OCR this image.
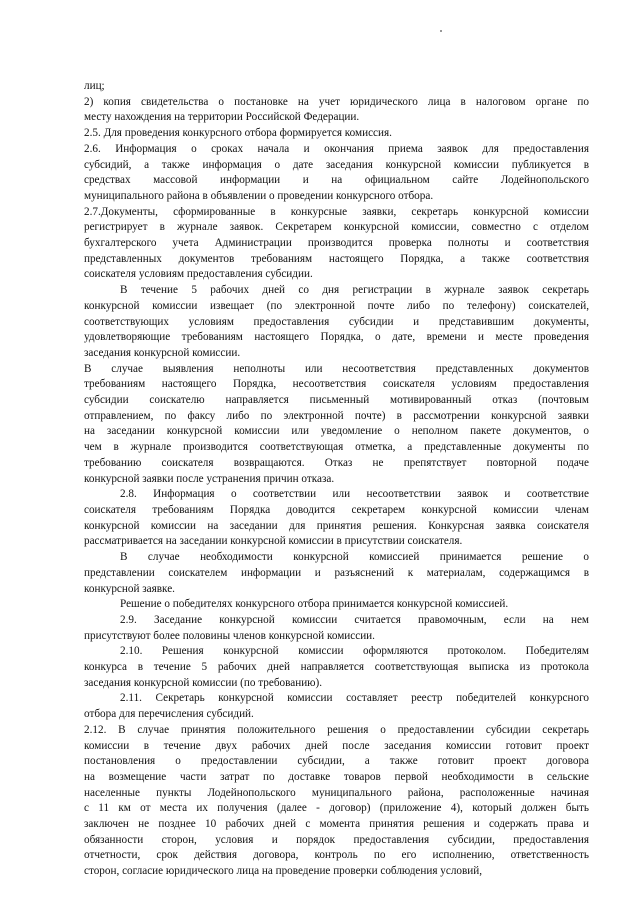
лиц;
2) копия свидетельства о постановке на учет юридического лица в налоговом органе по
месту нахождения на территории Российской Федерации.
2.5. Для проведения конкурсного отбора формируется комиссия.
2.6. Информация о сроках начала и окончания приема заявок для предоставления
субсидий, а также информация о дате заседания конкурсной комиссии публикуется в
средствах массовой информации и на официальном сайте Лодейнопольского
муниципального района в объявлении о проведении конкурсного отбора.
2.7.Документы, сформированные в конкурсные заявки, секретарь конкурсной комиссии
регистрирует в журнале заявок. Секретарем конкурсной комиссии, совместно с отделом
бухгалтерского учета Администрации производится проверка полноты и соответствия
представленных документов требованиям настоящего Порядка, а также соответствия
соискателя условиям предоставления субсидии.
В течение 5 рабочих дней со дня регистрации в журнале заявок секретарь
конкурсной комиссии извещает (по электронной почте либо по телефону) соискателей,
соответствующих условиям предоставления субсидии и представившим документы,
удовлетворяющие требованиям настоящего Порядка, о дате, времени и месте проведения
заседания конкурсной комиссии.
В случае выявления неполноты или несоответствия представленных документов
требованиям настоящего Порядка, несоответствия соискателя условиям предоставления
субсидии соискателю направляется письменный мотивированный отказ (почтовым
отправлением, по факсу либо по электронной почте) в рассмотрении конкурсной заявки
на заседании конкурсной комиссии или уведомление о неполном пакете документов, о
чем в журнале производится соответствующая отметка, а представленные документы по
требованию соискателя возвращаются. Отказ не препятствует повторной подаче
конкурсной заявки после устранения причин отказа.
2.8. Информация о соответствии или несоответствии заявок и соответствие
соискателя требованиям Порядка доводится секретарем конкурсной комиссии членам
конкурсной комиссии на заседании для принятия решения. Конкурсная заявка соискателя
рассматривается на заседании конкурсной комиссии в присутствии соискателя.
В случае необходимости конкурсной комиссией принимается решение о
представлении соискателем информации и разъяснений к материалам, содержащимся в
конкурсной заявке.
Решение о победителях конкурсного отбора принимается конкурсной комиссией.
2.9. Заседание конкурсной комиссии считается правомочным, если на нем
присутствуют более половины членов конкурсной комиссии.
2.10. Решения конкурсной комиссии оформляются протоколом. Победителям
конкурса в течение 5 рабочих дней направляется соответствующая выписка из протокола
заседания конкурсной комиссии (по требованию).
2.11. Секретарь конкурсной комиссии составляет реестр победителей конкурсного
отбора для перечисления субсидий.
2.12. В случае принятия положительного решения о предоставлении субсидии секретарь
комиссии в течение двух рабочих дней после заседания комиссии готовит проект
постановления о предоставлении субсидии, а также готовит проект договора
на возмещение части затрат по доставке товаров первой необходимости в сельские
населенные пункты Лодейнопольского муниципального района, расположенные начиная
с 11 км от места их получения (далее - договор) (приложение 4), который должен быть
заключен не позднее 10 рабочих дней с момента принятия решения и содержать права и
обязанности сторон, условия и порядок предоставления субсидии, предоставления
отчетности, срок действия договора, контроль по его исполнению, ответственность
сторон, согласие юридического лица на проведение проверки соблюдения условий,
